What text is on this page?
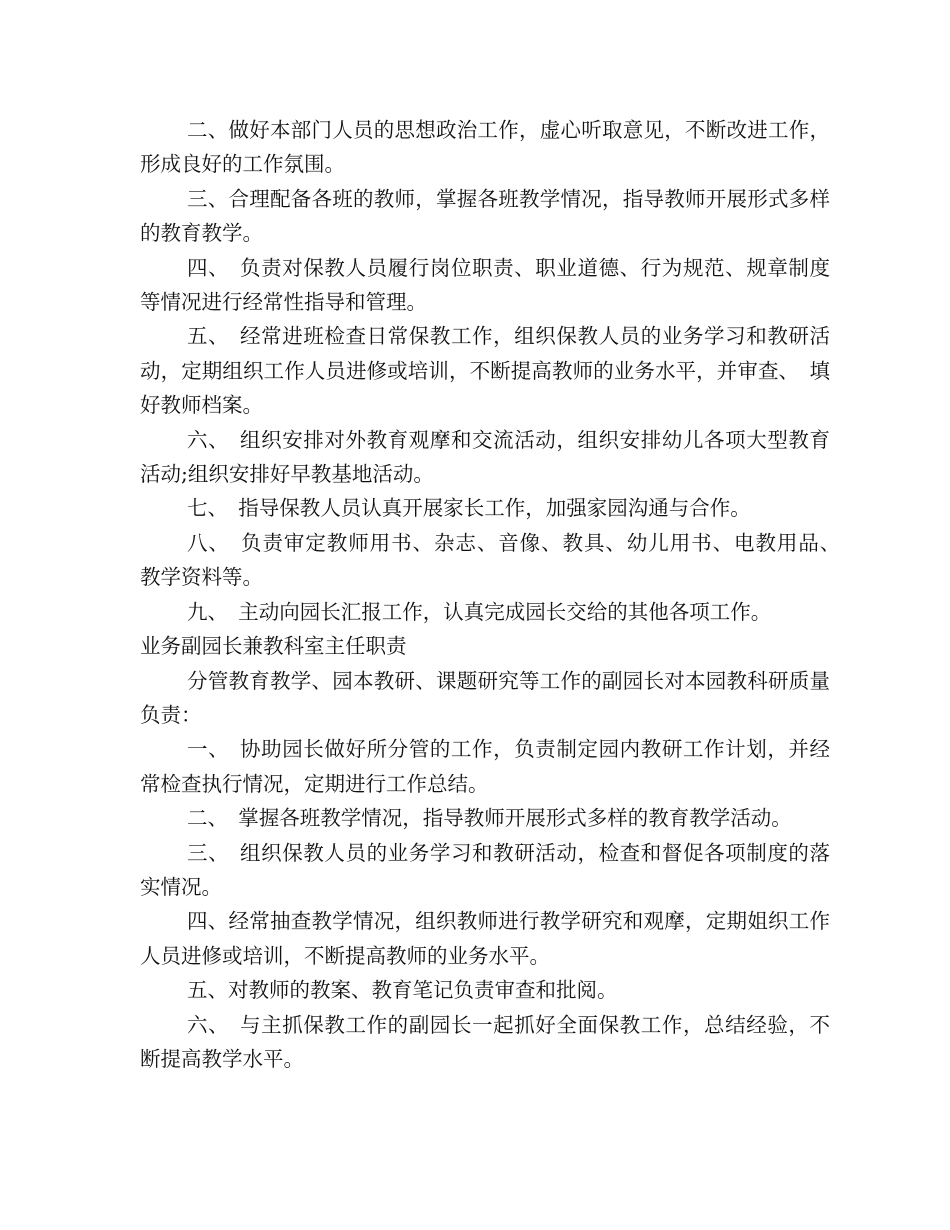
二、做好本部门人员的思想政治工作，虚心听取意见，不断改进工作，形成良好的工作氛围。

三、合理配备各班的教师，掌握各班教学情况，指导教师开展形式多样的教育教学。

四、　负责对保教人员履行岗位职责、职业道德、行为规范、规章制度等情况进行经常性指导和管理。

五、　经常进班检查日常保教工作，组织保教人员的业务学习和教研活动，定期组织工作人员进修或培训，不断提高教师的业务水平，并审查、　填好教师档案。

六、　组织安排对外教育观摩和交流活动，组织安排幼儿各项大型教育活动;组织安排好早教基地活动。

七、　指导保教人员认真开展家长工作，加强家园沟通与合作。

八、　负责审定教师用书、杂志、音像、教具、幼儿用书、电教用品、　教学资料等。

九、　主动向园长汇报工作，认真完成园长交给的其他各项工作。

业务副园长兼教科室主任职责

分管教育教学、园本教研、课题研究等工作的副园长对本园教科研质量负责：

一、　协助园长做好所分管的工作，负责制定园内教研工作计划，并经常检查执行情况，定期进行工作总结。

二、　掌握各班教学情况，指导教师开展形式多样的教育教学活动。

三、　组织保教人员的业务学习和教研活动，检查和督促各项制度的落实情况。

四、经常抽查教学情况，组织教师进行教学研究和观摩，定期姐织工作人员进修或培训，不断提高教师的业务水平。

五、对教师的教案、教育笔记负责审查和批阅。

六、　与主抓保教工作的副园长一起抓好全面保教工作，总结经验，不断提高教学水平。
